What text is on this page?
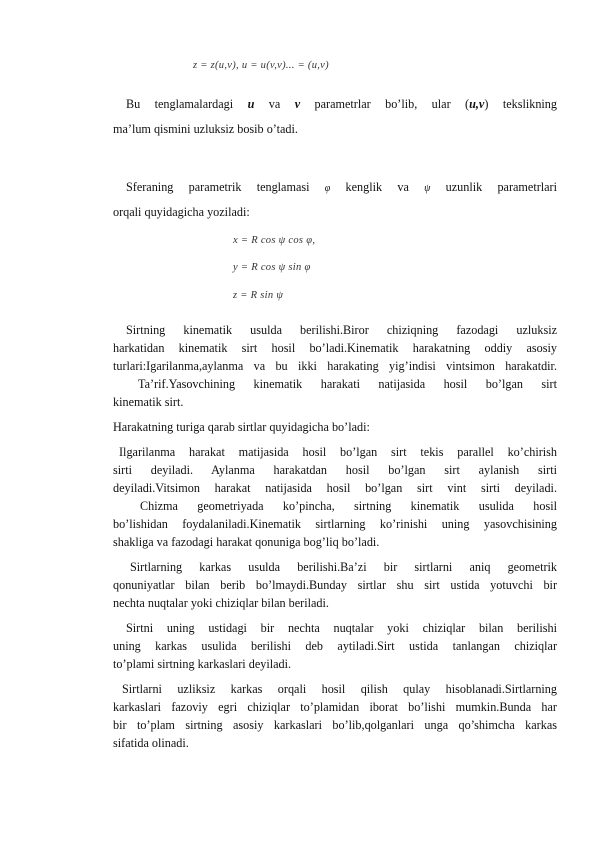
z = z(u,v), u = u(v,v)... = (u,v)
Bu tenglamalardagi u va v parametrlar bo’lib, ular (u,v) tekslikning
ma’lum qismini uzluksiz bosib o’tadi.
Sferaning parametrik tenglamasi φ kenglik va ψ uzunlik parametrlari
orqali quyidagicha yoziladi:
x = R cos ψ cos φ,
y = R cos ψ sin φ
z = R sin ψ
Sirtning kinematik usulda berilishi.Biror chiziqning fazodagi uzluksiz
harkatidan kinematik sirt hosil bo’ladi.Kinematik harakatning oddiy asosiy
turlari:Igarilanma,aylanma va bu ikki harakating yig’indisi vintsimon harakatdir.
Ta’rif.Yasovchining kinematik harakati natijasida hosil bo’lgan sirt
kinematik sirt.
Harakatning turiga qarab sirtlar quyidagicha bo’ladi:
Ilgarilanma harakat matijasida hosil bo’lgan sirt tekis parallel ko’chirish
sirti deyiladi. Aylanma harakatdan hosil bo’lgan sirt aylanish sirti
deyiladi.Vitsimon harakat natijasida hosil bo’lgan sirt vint sirti deyiladi.
Chizma geometriyada ko’pincha, sirtning kinematik usulida hosil
bo’lishidan foydalaniladi.Kinematik sirtlarning ko’rinishi uning yasovchisining
shakliga va fazodagi harakat qonuniga bog’liq bo’ladi.
Sirtlarning karkas usulda berilishi.Ba’zi bir sirtlarni aniq geometrik
qonuniyatlar bilan berib bo’lmaydi.Bunday sirtlar shu sirt ustida yotuvchi bir
nechta nuqtalar yoki chiziqlar bilan beriladi.
Sirtni uning ustidagi bir nechta nuqtalar yoki chiziqlar bilan berilishi
uning karkas usulida berilishi deb aytiladi.Sirt ustida tanlangan chiziqlar
to’plami sirtning karkaslari deyiladi.
Sirtlarni uzliksiz karkas orqali hosil qilish qulay hisoblanadi.Sirtlarning
karkaslari fazoviy egri chiziqlar to’plamidan iborat bo’lishi mumkin.Bunda har
bir to’plam sirtning asosiy karkaslari bo’lib,qolganlari unga qo’shimcha karkas
sifatida olinadi.
